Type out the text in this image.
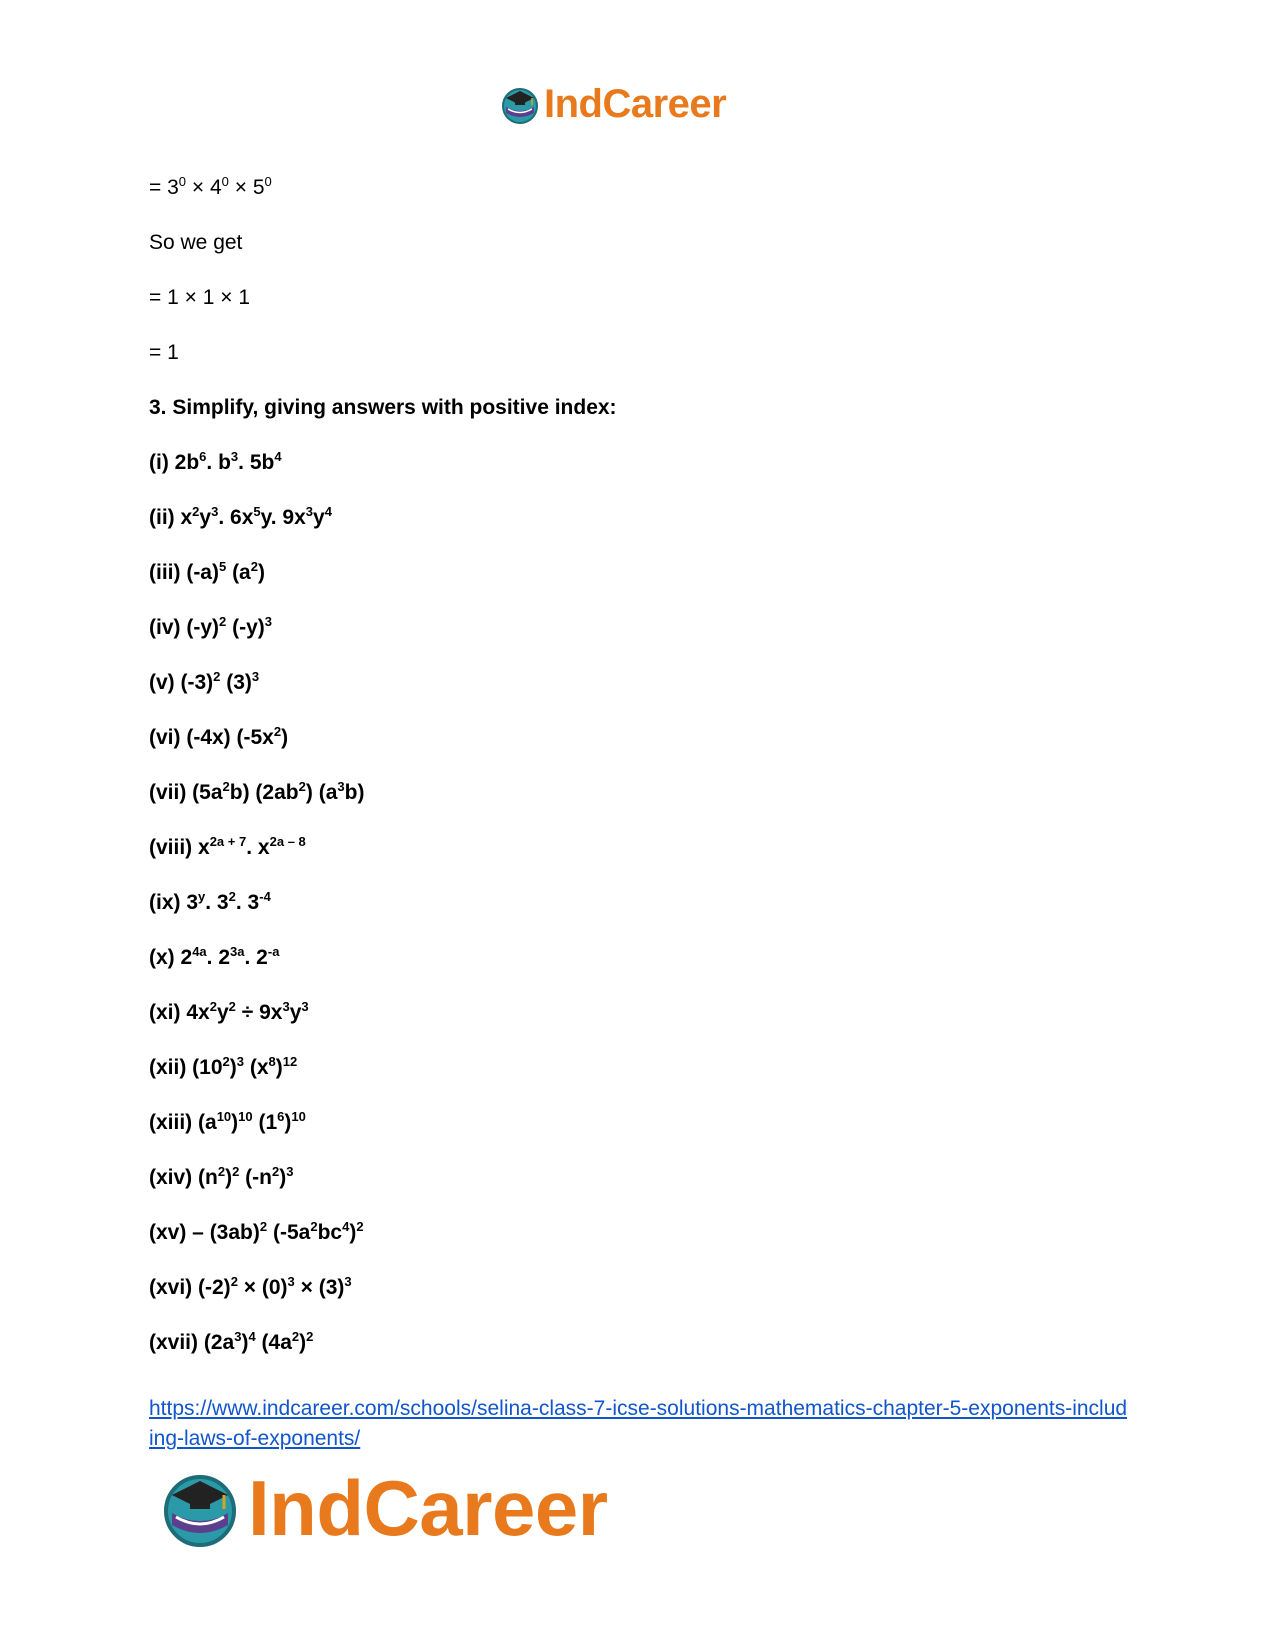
IndCareer
= $3^0 \times 4^0 \times 5^0$
So we get
= 1 × 1 × 1
= 1
3. Simplify, giving answers with positive index:
(i) $2b^6$. $b^3$. $5b^4$
(ii) $x^2y^3$. $6x^5y$. $9x^3y^4$
(iii) $(-a)^5$ $(a^2)$
(iv) $(-y)^2$ $(-y)^3$
(v) $(-3)^2$ $(3)^3$
(vi) (-4x) $(-5x^2)$
(vii) $(5a^2b)$ $(2ab^2)$ $(a^3b)$
(viii) $x^{2a + 7}$. $x^{2a - 8}$
(ix) 3$^y$. $3^2$. $3^{-4}$
(x) $2^{4a}$. $2^{3a}$. $2^{-a}$
(xi) $4x^2y^2 \div 9x^3y^3$
(xii) $(10^2)^3$ $(x^8)^{12}$
(xiii) $(a^{10})^{10}$ $(1^6)^{10}$
(xiv) $(n^2)^2$ $(-n^2)^3$
$(xv) - (3ab)^2$ $(-5a^2bc^4)^2$
(xvi) $(-2)^2 \times (0)^3 \times (3)^3$
(xvii) $(2a^3)^4$ $(4a^2)^2$
https://www.indcareer.com/schools/selina-class-7-icse-solutions-mathematics-chapter-5-exponents-including-laws-of-exponents/
IndCareer
